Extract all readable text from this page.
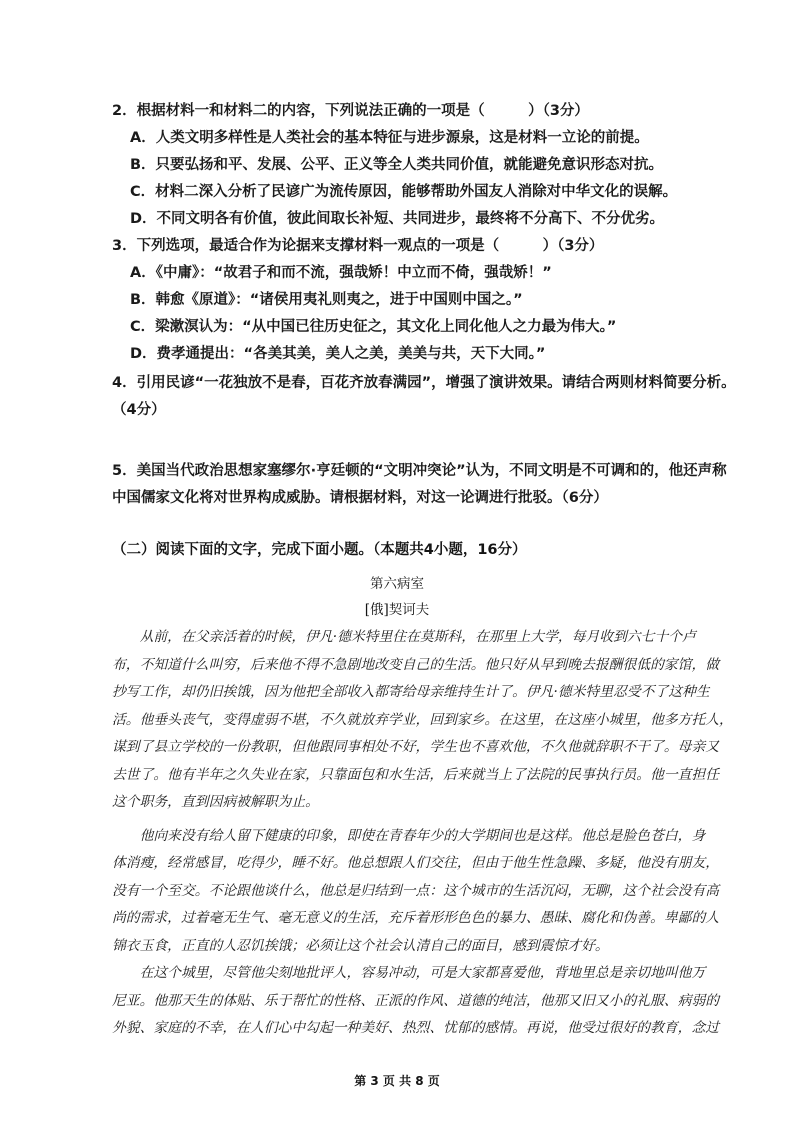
2．根据材料一和材料二的内容，下列说法正确的一项是（　　　）（3分）
A．人类文明多样性是人类社会的基本特征与进步源泉，这是材料一立论的前提。
B．只要弘扬和平、发展、公平、正义等全人类共同价值，就能避免意识形态对抗。
C．材料二深入分析了民谚广为流传原因，能够帮助外国友人消除对中华文化的误解。
D．不同文明各有价值，彼此间取长补短、共同进步，最终将不分高下、不分优劣。
3．下列选项，最适合作为论据来支撑材料一观点的一项是（　　　）（3分）
A．《中庸》：“故君子和而不流，强哉矫！中立而不倚，强哉矫！”
B．韩愈《原道》：“诸侯用夷礼则夷之，进于中国则中国之。”
C．梁漱溟认为：“从中国已往历史征之，其文化上同化他人之力最为伟大。”
D．费孝通提出：“各美其美，美人之美，美美与共，天下大同。”
4．引用民谚“一花独放不是春，百花齐放春满园”，增强了演讲效果。请结合两则材料简要分析。
（4分）
5．美国当代政治思想家塞缪尔·亨廷顿的“文明冲突论”认为，不同文明是不可调和的，他还声称
中国儒家文化将对世界构成威胁。请根据材料，对这一论调进行批驳。（6分）
（二）阅读下面的文字，完成下面小题。（本题共4小题，16分）
第六病室
[俄]契诃夫
　　从前，在父亲活着的时候，伊凡·德米特里住在莫斯科，在那里上大学，每月收到六七十个卢
布，不知道什么叫穷，后来他不得不急剧地改变自己的生活。他只好从早到晚去报酬很低的家馆，做
抄写工作，却仍旧挨饿，因为他把全部收入都寄给母亲维持生计了。伊凡·德米特里忍受不了这种生
活。他垂头丧气，变得虚弱不堪，不久就放弃学业，回到家乡。在这里，在这座小城里，他多方托人，
谋到了县立学校的一份教职，但他跟同事相处不好，学生也不喜欢他，不久他就辞职不干了。母亲又
去世了。他有半年之久失业在家，只靠面包和水生活，后来就当上了法院的民事执行员。他一直担任
这个职务，直到因病被解职为止。
　　他向来没有给人留下健康的印象，即使在青春年少的大学期间也是这样。他总是脸色苍白，身
体消瘦，经常感冒，吃得少，睡不好。他总想跟人们交往，但由于他生性急躁、多疑，他没有朋友，
没有一个至交。不论跟他谈什么，他总是归结到一点：这个城市的生活沉闷，无聊，这个社会没有高
尚的需求，过着毫无生气、毫无意义的生活，充斥着形形色色的暴力、愚昧、腐化和伪善。卑鄙的人
锦衣玉食，正直的人忍饥挨饿；必须让这个社会认清自己的面目，感到震惊才好。
　　在这个城里，尽管他尖刻地批评人，容易冲动，可是大家都喜爱他，背地里总是亲切地叫他万
尼亚。他那天生的体贴、乐于帮忙的性格、正派的作风、道德的纯洁，他那又旧又小的礼服、病弱的
外貌、家庭的不幸，在人们心中勾起一种美好、热烈、忧郁的感情。再说，他受过很好的教育，念过
第 3 页 共 8 页
